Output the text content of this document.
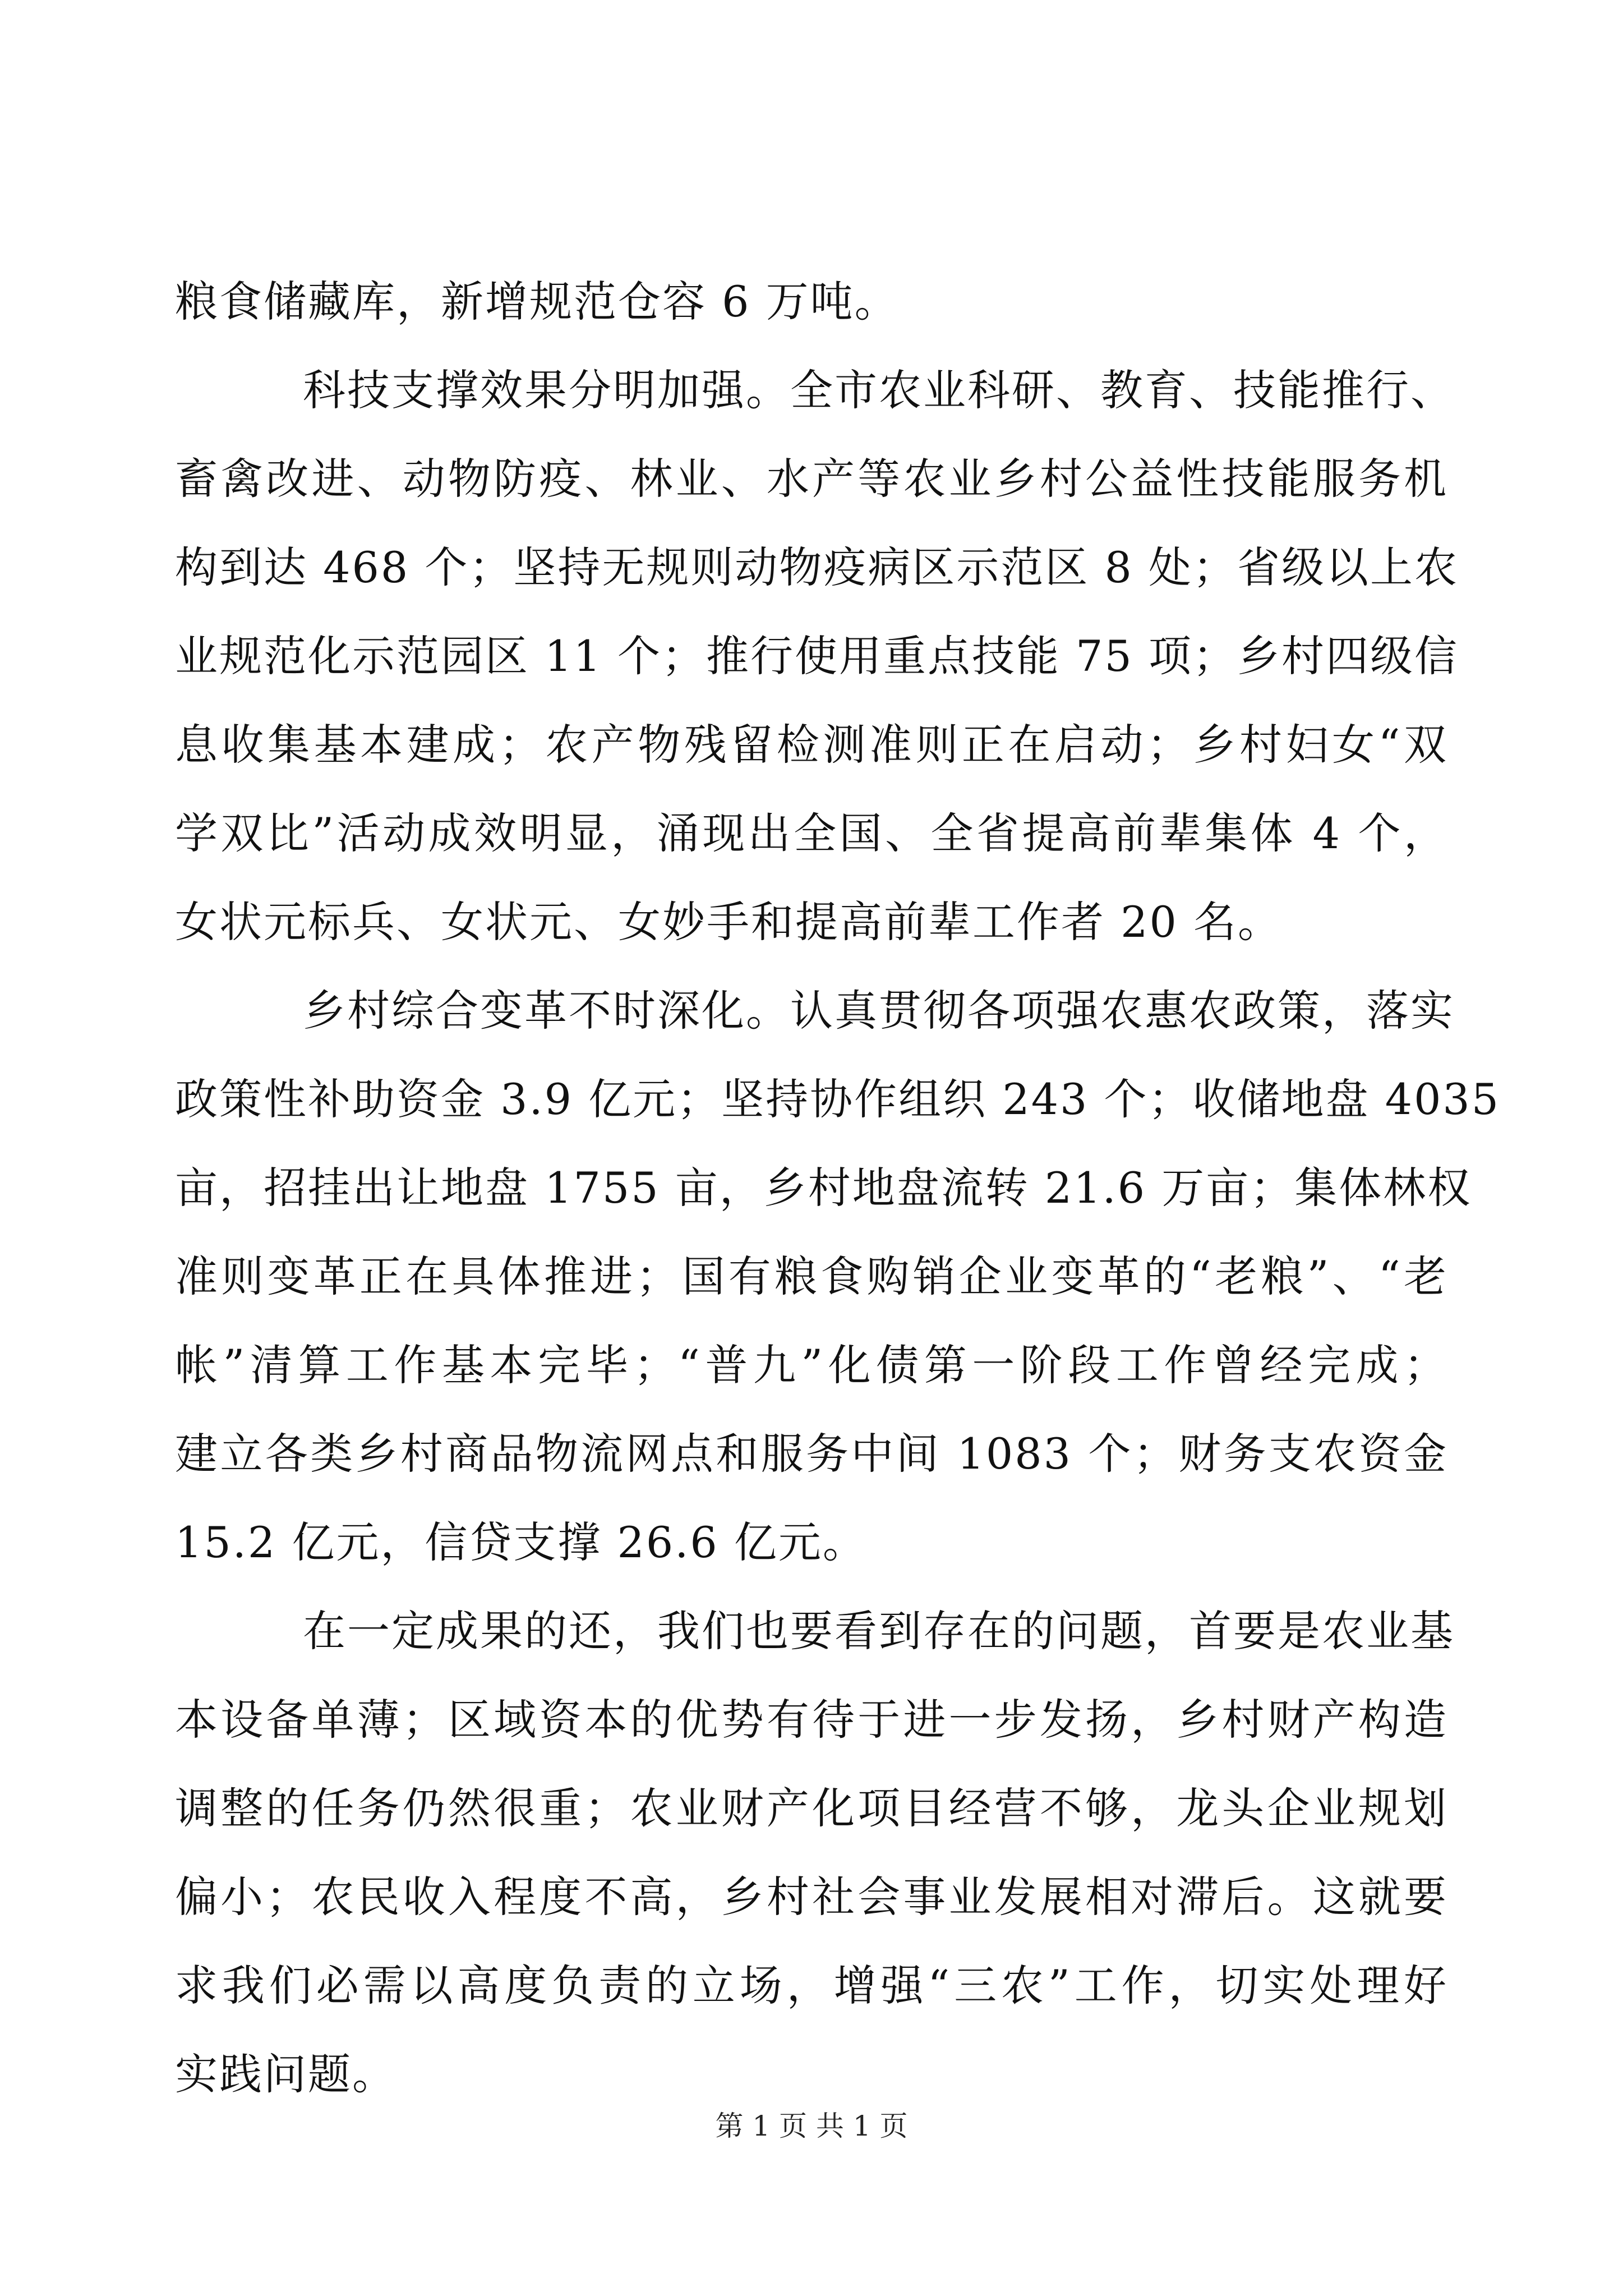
粮食储藏库，新增规范仓容 6 万吨。
科技支撑效果分明加强。全市农业科研、教育、技能推行、
畜禽改进、动物防疫、林业、水产等农业乡村公益性技能服务机
构到达 468 个；坚持无规则动物疫病区示范区 8 处；省级以上农
业规范化示范园区 11 个；推行使用重点技能 75 项；乡村四级信
息收集基本建成；农产物残留检测准则正在启动；乡村妇女“双
学双比”活动成效明显，涌现出全国、全省提高前辈集体 4 个，
女状元标兵、女状元、女妙手和提高前辈工作者 20 名。
乡村综合变革不时深化。认真贯彻各项强农惠农政策，落实
政策性补助资金 3.9 亿元；坚持协作组织 243 个；收储地盘 4035
亩，招挂出让地盘 1755 亩，乡村地盘流转 21.6 万亩；集体林权
准则变革正在具体推进；国有粮食购销企业变革的“老粮”、“老
帐”清算工作基本完毕；“普九”化债第一阶段工作曾经完成；
建立各类乡村商品物流网点和服务中间 1083 个；财务支农资金
15.2 亿元，信贷支撑 26.6 亿元。
在一定成果的还，我们也要看到存在的问题，首要是农业基
本设备单薄；区域资本的优势有待于进一步发扬，乡村财产构造
调整的任务仍然很重；农业财产化项目经营不够，龙头企业规划
偏小；农民收入程度不高，乡村社会事业发展相对滞后。这就要
求我们必需以高度负责的立场，增强“三农”工作，切实处理好
实践问题。
第 1 页 共 1 页
